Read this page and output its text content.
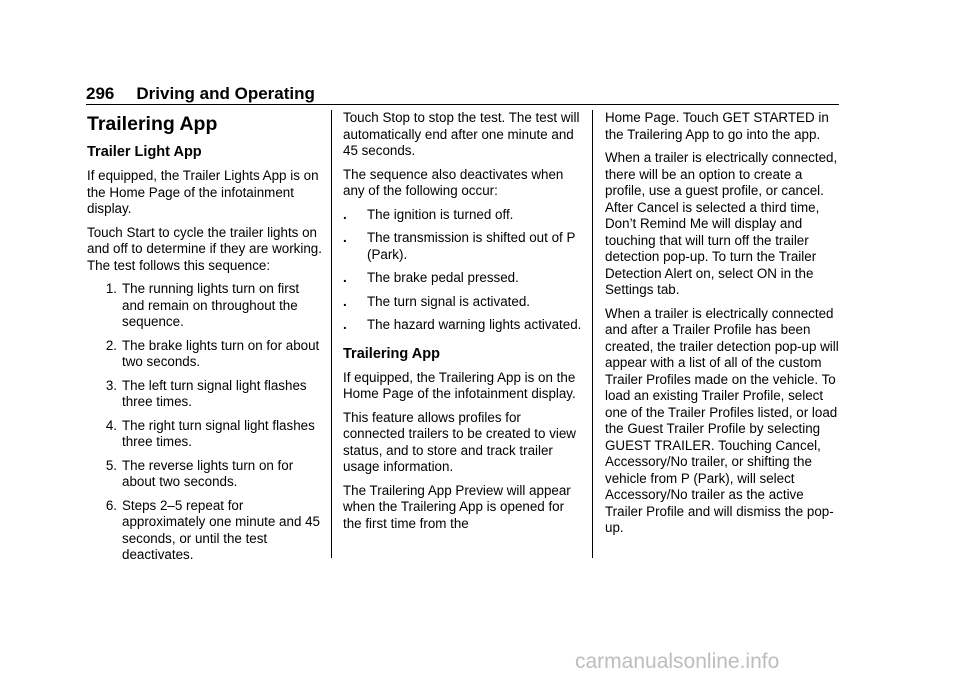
296 Driving and Operating
Trailering App
Trailer Light App

If equipped, the Trailer Lights App is on the Home Page of the infotainment display.

Touch Start to cycle the trailer lights on and off to determine if they are working. The test follows this sequence:

1. The running lights turn on first and remain on throughout the sequence.
2. The brake lights turn on for about two seconds.
3. The left turn signal light flashes three times.
4. The right turn signal light flashes three times.
5. The reverse lights turn on for about two seconds.
6. Steps 2–5 repeat for approximately one minute and 45 seconds, or until the test deactivates.

Touch Stop to stop the test. The test will automatically end after one minute and 45 seconds.

The sequence also deactivates when any of the following occur:

.	The ignition is turned off.
.	The transmission is shifted out of P (Park).
.	The brake pedal pressed.
.	The turn signal is activated.
.	The hazard warning lights activated.
Trailering App

If equipped, the Trailering App is on the Home Page of the infotainment display.

This feature allows profiles for connected trailers to be created to view status, and to store and track trailer usage information.

The Trailering App Preview will appear when the Trailering App is opened for the first time from the

Home Page. Touch GET STARTED in the Trailering App to go into the app.

When a trailer is electrically connected, there will be an option to create a profile, use a guest profile, or cancel. After Cancel is selected a third time, Don’t Remind Me will display and touching that will turn off the trailer detection pop-up. To turn the Trailer Detection Alert on, select ON in the Settings tab.

When a trailer is electrically connected and after a Trailer Profile has been created, the trailer detection pop-up will appear with a list of all of the custom Trailer Profiles made on the vehicle. To load an existing Trailer Profile, select one of the Trailer Profiles listed, or load the Guest Trailer Profile by selecting GUEST TRAILER. Touching Cancel, Accessory/No trailer, or shifting the vehicle from P (Park), will select Accessory/No trailer as the active Trailer Profile and will dismiss the pop- up.

carmanualsonline.info
